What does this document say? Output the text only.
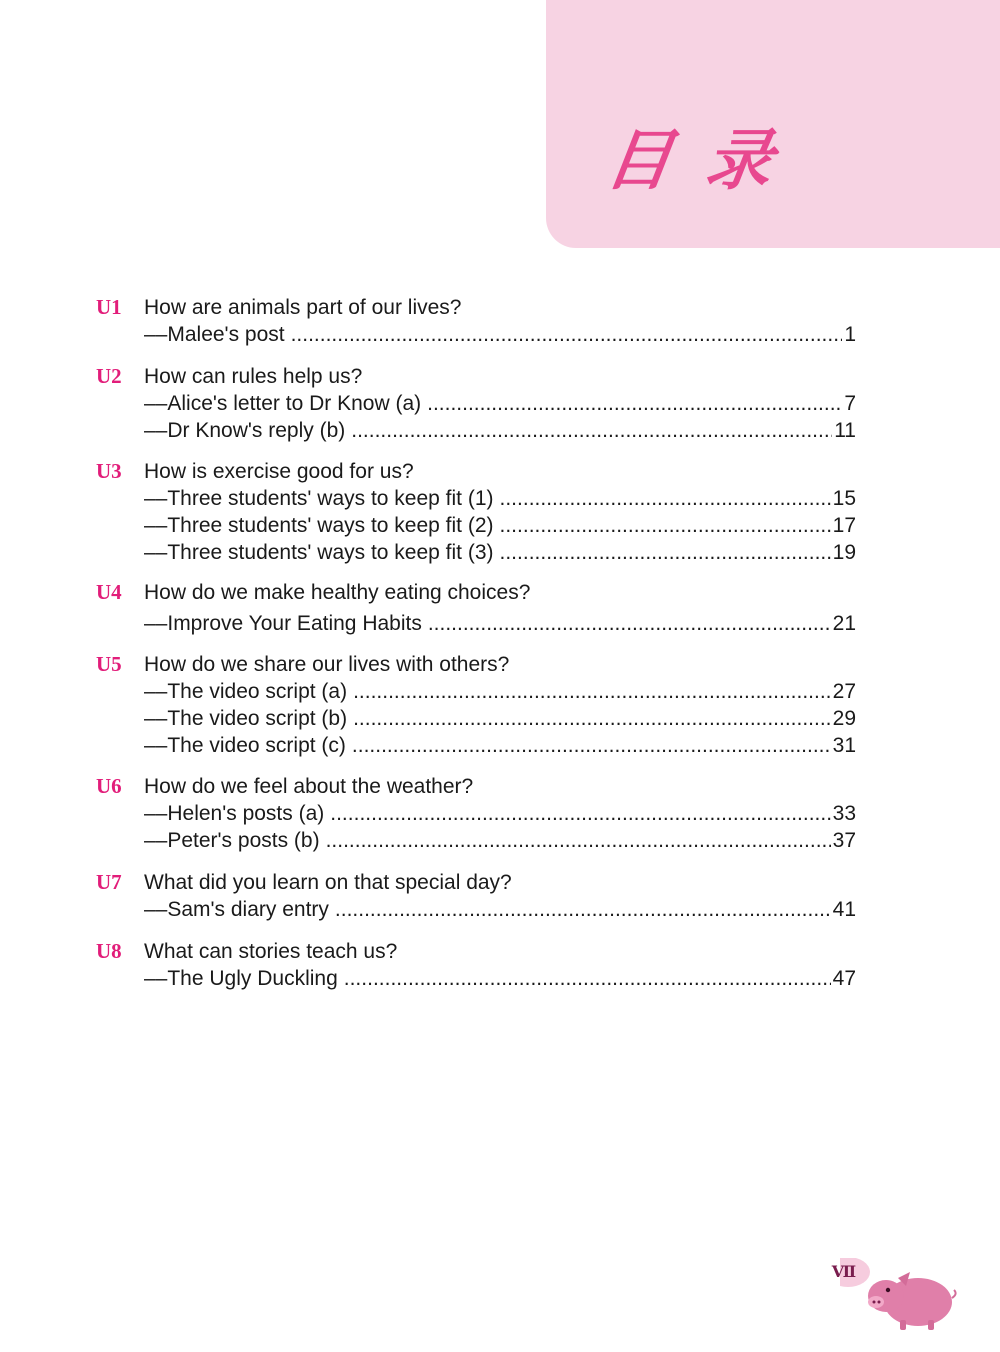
目录
U1 How are animals part of our lives?
––Malee's post .....	1
U2 How can rules help us?
––Alice's letter to Dr Know (a) .....	7
––Dr Know's reply (b) .....	11
U3 How is exercise good for us?
––Three students' ways to keep fit (1) .....	15
––Three students' ways to keep fit (2) .....	17
––Three students' ways to keep fit (3) .....	19
U4 How do we make healthy eating choices?
––Improve Your Eating Habits .....	21
U5 How do we share our lives with others?
––The video script (a) .....	27
––The video script (b) .....	29
––The video script (c) .....	31
U6 How do we feel about the weather?
––Helen's posts (a) .....	33
––Peter's posts (b) .....	37
U7 What did you learn on that special day?
––Sam's diary entry .....	41
U8 What can stories teach us?
––The Ugly Duckling .....	47
Ⅶ
